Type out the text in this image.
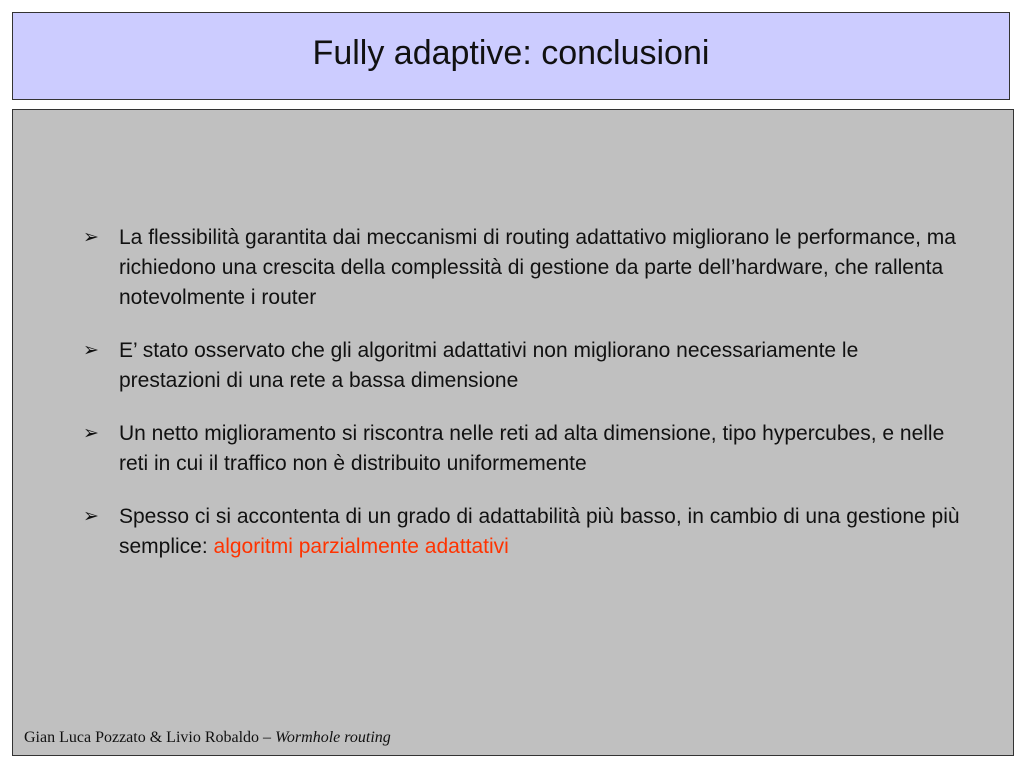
Fully adaptive: conclusioni
➢ La flessibilità garantita dai meccanismi di routing adattativo migliorano le performance, ma richiedono una crescita della complessità di gestione da parte dell’hardware, che rallenta notevolmente i router
➢ E’ stato osservato che gli algoritmi adattativi non migliorano necessariamente le prestazioni di una rete a bassa dimensione
➢ Un netto miglioramento si riscontra nelle reti ad alta dimensione, tipo hypercubes, e nelle reti in cui il traffico non è distribuito uniformemente
➢ Spesso ci si accontenta di un grado di adattabilità più basso, in cambio di una gestione più semplice: algoritmi parzialmente adattativi
Gian Luca Pozzato & Livio Robaldo – Wormhole routing
